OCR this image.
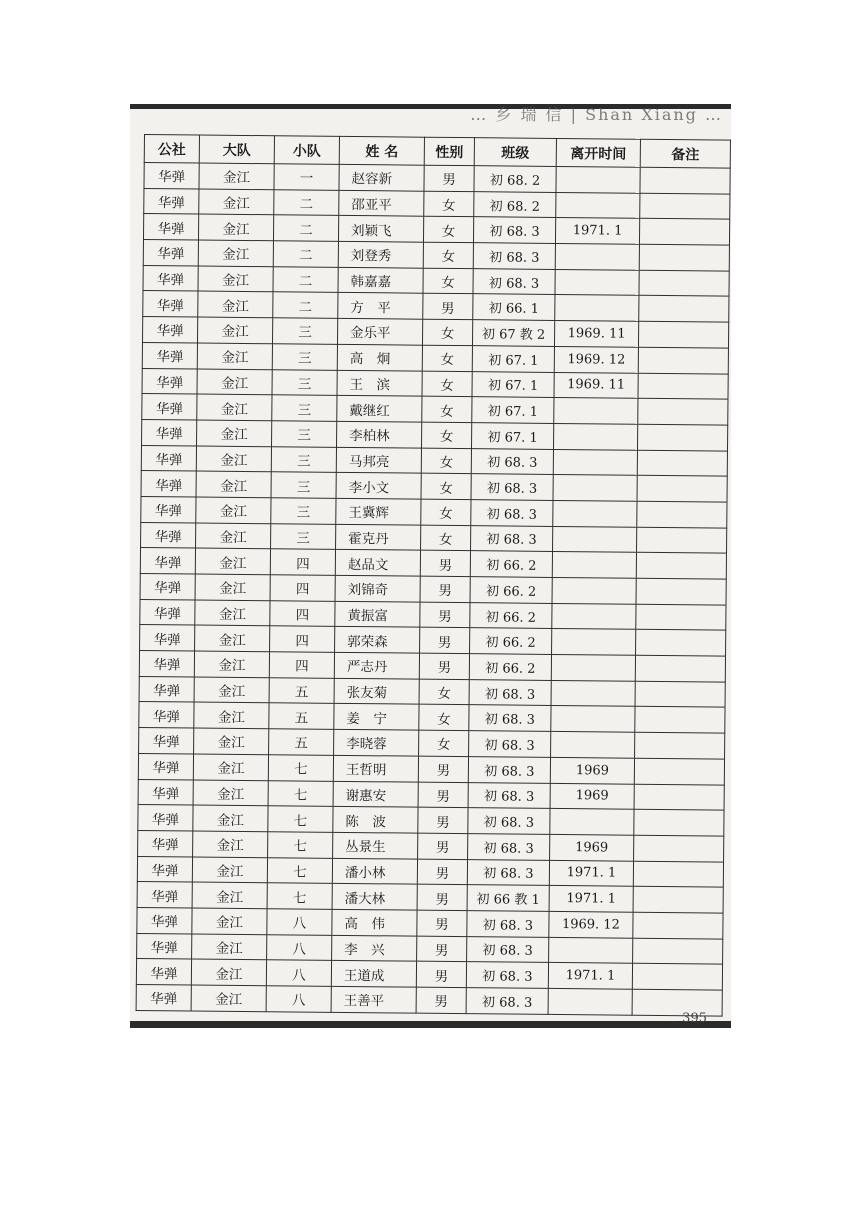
… 乡 瑞 信 | Shan Xiang …
公社	大队	小队	姓 名	性别	班级	离开时间	备注
华弹	金江	一	赵容新	男	初 68. 2		
华弹	金江	二	邵亚平	女	初 68. 2		
华弹	金江	二	刘颖飞	女	初 68. 3	1971. 1	
华弹	金江	二	刘登秀	女	初 68. 3		
华弹	金江	二	韩嘉嘉	女	初 68. 3		
华弹	金江	二	方　平	男	初 66. 1		
华弹	金江	三	金乐平	女	初 67 教 2	1969. 11	
华弹	金江	三	高　炯	女	初 67. 1	1969. 12	
华弹	金江	三	王　滨	女	初 67. 1	1969. 11	
华弹	金江	三	戴继红	女	初 67. 1		
华弹	金江	三	李柏林	女	初 67. 1		
华弹	金江	三	马邦亮	女	初 68. 3		
华弹	金江	三	李小文	女	初 68. 3		
华弹	金江	三	王冀辉	女	初 68. 3		
华弹	金江	三	霍克丹	女	初 68. 3		
华弹	金江	四	赵品文	男	初 66. 2		
华弹	金江	四	刘锦奇	男	初 66. 2		
华弹	金江	四	黄振富	男	初 66. 2		
华弹	金江	四	郭荣森	男	初 66. 2		
华弹	金江	四	严志丹	男	初 66. 2		
华弹	金江	五	张友菊	女	初 68. 3		
华弹	金江	五	姜　宁	女	初 68. 3		
华弹	金江	五	李晓蓉	女	初 68. 3		
华弹	金江	七	王哲明	男	初 68. 3	1969	
华弹	金江	七	谢惠安	男	初 68. 3	1969	
华弹	金江	七	陈　波	男	初 68. 3		
华弹	金江	七	丛景生	男	初 68. 3	1969	
华弹	金江	七	潘小林	男	初 68. 3	1971. 1	
华弹	金江	七	潘大林	男	初 66 教 1	1971. 1	
华弹	金江	八	高　伟	男	初 68. 3	1969. 12	
华弹	金江	八	李　兴	男	初 68. 3		
华弹	金江	八	王道成	男	初 68. 3	1971. 1	
华弹	金江	八	王善平	男	初 68. 3		
395
